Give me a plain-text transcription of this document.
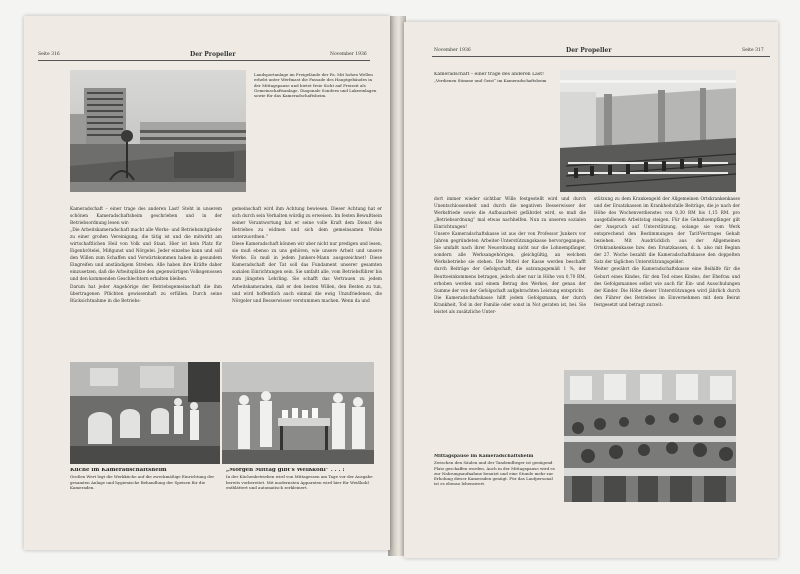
Seite 316	Der Propeller	November 1936
Landsportanlage im Freigelände der Fa. Mit hohen Wellen erhebt unter Werfmast die Fassade des Hauptgebäudes in der Mittagspause und bietet freie Sicht auf Freizeit als Gemeinschaftsanlage. Diagonale Sondern und Lakeeinlagen sowie für das Kameradschaftsheim.

Kameradschaft – einer trage des anderen Last! Steht in unserem schönen Kameradschaftsheim geschrieben und in der Betriebsordnung lesen wir:

„Die Arbeitskameradschaft macht alle Werks- und Betriebsmitglieder zu einer großen Vereinigung, die tätig ist und die mitwirkt am wirtschaftlichen Heil von Volk und Staat. Hier ist kein Platz für Eigenbrötelei, Mißgunst und Nörgelei. Jeder einzelne kann und soll den Willen zum Schaffen und Vorwärtskommen haben in gesundem Eingreifen und anständigem Streben. Alle haben ihre Kräfte daher einzusetzen, daß die Arbeitsplätze den gegenwärtigen Volksgenossen und den kommenden Geschlechtern erhalten bleiben.

Darum hat jeder Angehörige der Betriebsgemeinschaft die ihm übertragenen Pflichten gewissenhaft zu erfüllen. Durch seine Rücksichtnahme in die Betriebs-

gemeinschaft wird ihm Achtung bewiesen. Dieser Achtung hat er sich durch sein Verhalten würdig zu erweisen. Im festen Bewußtsein seiner Verantwortung hat er seine volle Kraft dem Dienst des Betriebes zu widmen und sich dem gemeinsamen Wohle unterzuordnen.“

Diese Kameradschaft können wir aber nicht nur predigen und lesen, sie muß ebenso zu uns gehören, wie unsere Arbeit und unsere Werke. Es muß in jedem Junkers-Mann ausgezeichnet! Diese Kameradschaft der Tat soll das Fundament unserer gesamten sozialen Einrichtungen sein. Sie umfaßt alle, vom Betriebsführer bis zum jüngsten Lehrling. Sie schafft das Vertrauen zu jedem Arbeitskameraden, daß er den besten Willen, den Besten zu tun, und wird hoffentlich auch einmal die ewig Unzufriedenen, die Nörgeler und Besserwisser verstummen machen. Wenn da und

Küche im Kameradschaftsheim
Großen Wert legt die Werkküche auf die zweckmäßige Einrichtung der gesamten Anlage und hygienische Behandlung der Speisen für die Kameraden.
„Morgen Mittag gibt's Weißkohl“ . . . !
In der Küchenbetrieben wird von Mittagessen am Tage vor der Ausgabe bereits vorbereitet. Mit modernsten Apparaten wird hier für Weißkohl entblättert und automatisch zerkleinert.
November 1936	Der Propeller	Seite 317
Kameradschaft – einer trage des anderen Last!
„Verdienen Stimme und Geist“ im Kameradschaftsheim

dort immer wieder sichtbar Wille festgestellt wird und durch Unentschlossenheit und durch die negativen Besserwisser der Werksfriede sowie die Aufbauarbeit gefährdet wird, so muß die „Betriebsordnung“ mal etwas nachhelfen. Nun zu unseren sozialen Einrichtungen!

Unsere Kameradschaftskasse ist aus der von Professor Junkers vor Jahren gegründeten Arbeiter-Unterstützungskasse hervorgegangen. Sie umfaßt nach ihrer Neuordnung nicht nur die Lohnempfänger, sondern alle Werksangehörigen, gleichgültig, an welchem Werksbetriebe sie stehen. Die Mittel der Kasse werden beschafft durch Beiträge der Gefolgschaft, die satzungsgemäß 1 %, der Beuttoeinkommens betragen, jedoch aber nur in Höhe von 0,70 RM, erhoben werden und einem Betrag des Werkes, der genau der Summe der von der Gefolgschaft aufgebrachten Leistung entspricht.

Die Kameradschaftskasse hilft jedem Gefolgsmann, der durch Krankheit, Tod in der Familie oder sonst in Not geraten ist, bei. Sie leistet als zusätzliche Unter-

stützung zu dem Krankengeld der Allgemeinen Ortskrankenkasse und der Ersatzkassen im Krankheitsfalle Beiträge, die je nach der Höhe des Wochenverdienstes von 0,30 RM bis 1,15 RM. pro ausgefallenem Arbeitstag steigen. Für die Gehaltsempfänger gilt der Anspruch auf Unterstützung, solange sie vom Werk entsprechend den Bestimmungen der Tarif-Vertrages Gehalt beziehen. Mit Ausdrücklich aus der Allgemeinen Ortskrankenkasse bzw. den Ersatzkassen, d. h. also mit Beginn der 27. Woche bezahlt die Kameradschaftskasse den doppelten Satz der täglichen Unterstützungsgelder.

Weiter gewährt die Kameradschaftskasse eine Beihilfe für die Geburt eines Kindes, für den Tod eines Kindes, der Ehefrau und des Gefolgsmannes selbst wie auch für Ein- und Ausschulungen der Kinder. Die Höhe dieser Unterstützungen wird jährlich durch den Führer des Betriebes im Einvernehmen mit dem Beirat festgesetzt und betragt zurzeit:

Mittagspause im Kameradschaftsheim
Zwischen den Säulen und der Tandemflieger ist genügend Platz geschaffen worden. Auch in der Mittagspause wird es zur Nahrungsaufnahme benutzt und eine Stunde mehr zur Erholung dieser Kameraden genügt. Für das Laufpersonal ist es ebenso lebenswert.
